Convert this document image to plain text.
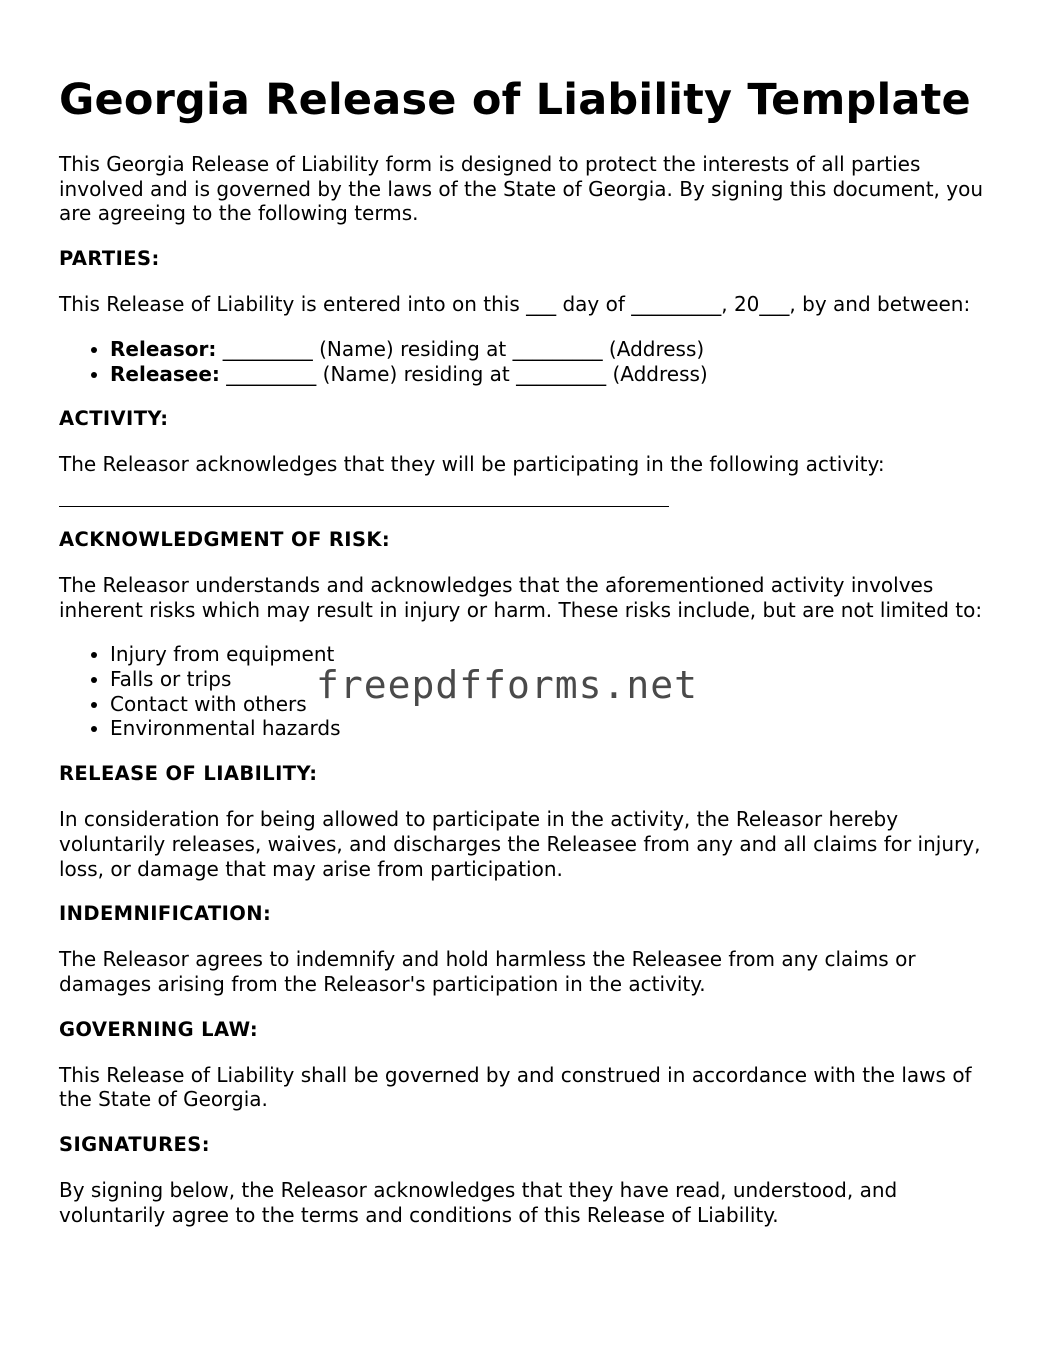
Georgia Release of Liability Template

This Georgia Release of Liability form is designed to protect the interests of all parties involved and is governed by the laws of the State of Georgia. By signing this document, you are agreeing to the following terms.

PARTIES:

This Release of Liability is entered into on this ___ day of _________, 20___, by and between:

• Releasor: _________ (Name) residing at _________ (Address)
• Releasee: _________ (Name) residing at _________ (Address)

ACTIVITY:

The Releasor acknowledges that they will be participating in the following activity:

ACKNOWLEDGMENT OF RISK:

The Releasor understands and acknowledges that the aforementioned activity involves inherent risks which may result in injury or harm. These risks include, but are not limited to:

• Injury from equipment
• Falls or trips
• Contact with others
• Environmental hazards

RELEASE OF LIABILITY:

In consideration for being allowed to participate in the activity, the Releasor hereby voluntarily releases, waives, and discharges the Releasee from any and all claims for injury, loss, or damage that may arise from participation.

INDEMNIFICATION:

The Releasor agrees to indemnify and hold harmless the Releasee from any claims or damages arising from the Releasor's participation in the activity.

GOVERNING LAW:

This Release of Liability shall be governed by and construed in accordance with the laws of the State of Georgia.

SIGNATURES:

By signing below, the Releasor acknowledges that they have read, understood, and voluntarily agree to the terms and conditions of this Release of Liability.

freepdfforms.net
